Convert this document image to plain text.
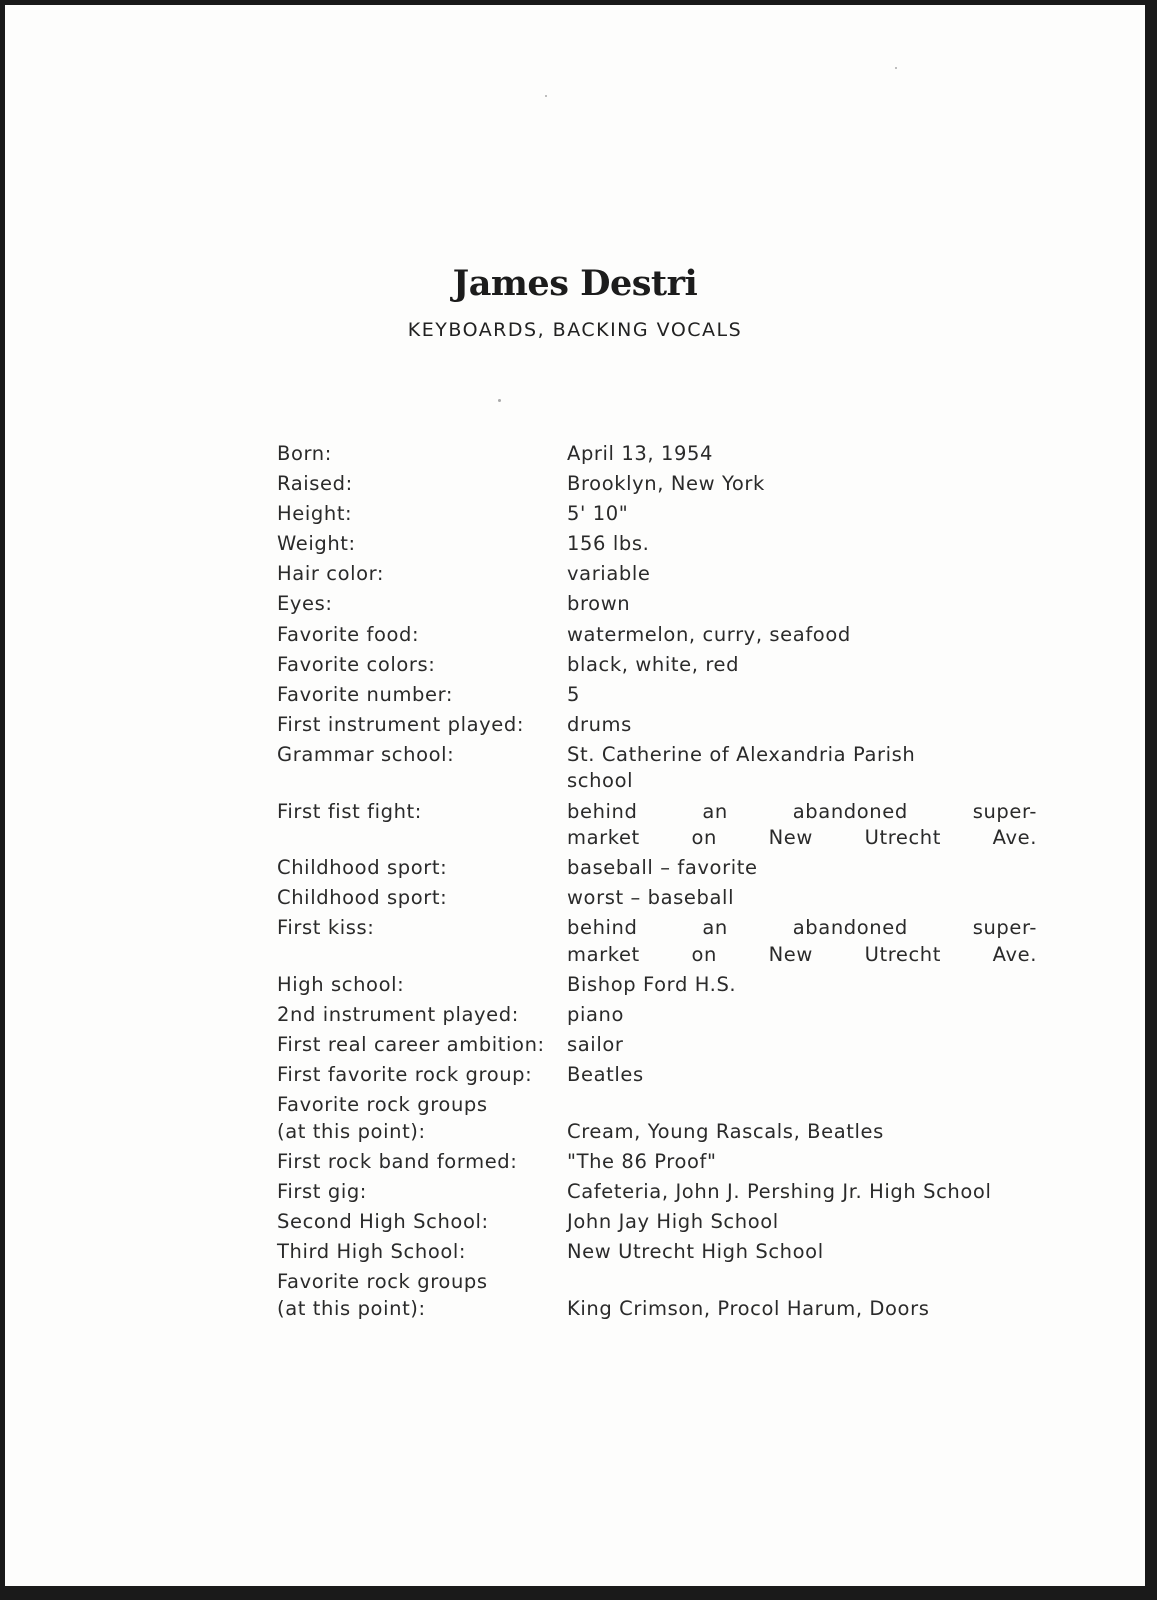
James Destri
KEYBOARDS, BACKING VOCALS
Born:	April 13, 1954
Raised:	Brooklyn, New York
Height:	5' 10"
Weight:	156 lbs.
Hair color:	variable
Eyes:	brown
Favorite food:	watermelon, curry, seafood
Favorite colors:	black, white, red
Favorite number:	5
First instrument played:	drums
Grammar school:	St. Catherine of Alexandria Parish
school
First fist fight:	behind an abandoned super-
market on New Utrecht Ave.
Childhood sport:	baseball – favorite
Childhood sport:	worst – baseball
First kiss:	behind an abandoned super-
market on New Utrecht Ave.
High school:	Bishop Ford H.S.
2nd instrument played:	piano
First real career ambition:	sailor
First favorite rock group:	Beatles
Favorite rock groups
(at this point):	Cream, Young Rascals, Beatles
First rock band formed:	"The 86 Proof"
First gig:	Cafeteria, John J. Pershing Jr. High School
Second High School:	John Jay High School
Third High School:	New Utrecht High School
Favorite rock groups
(at this point):	King Crimson, Procol Harum, Doors
